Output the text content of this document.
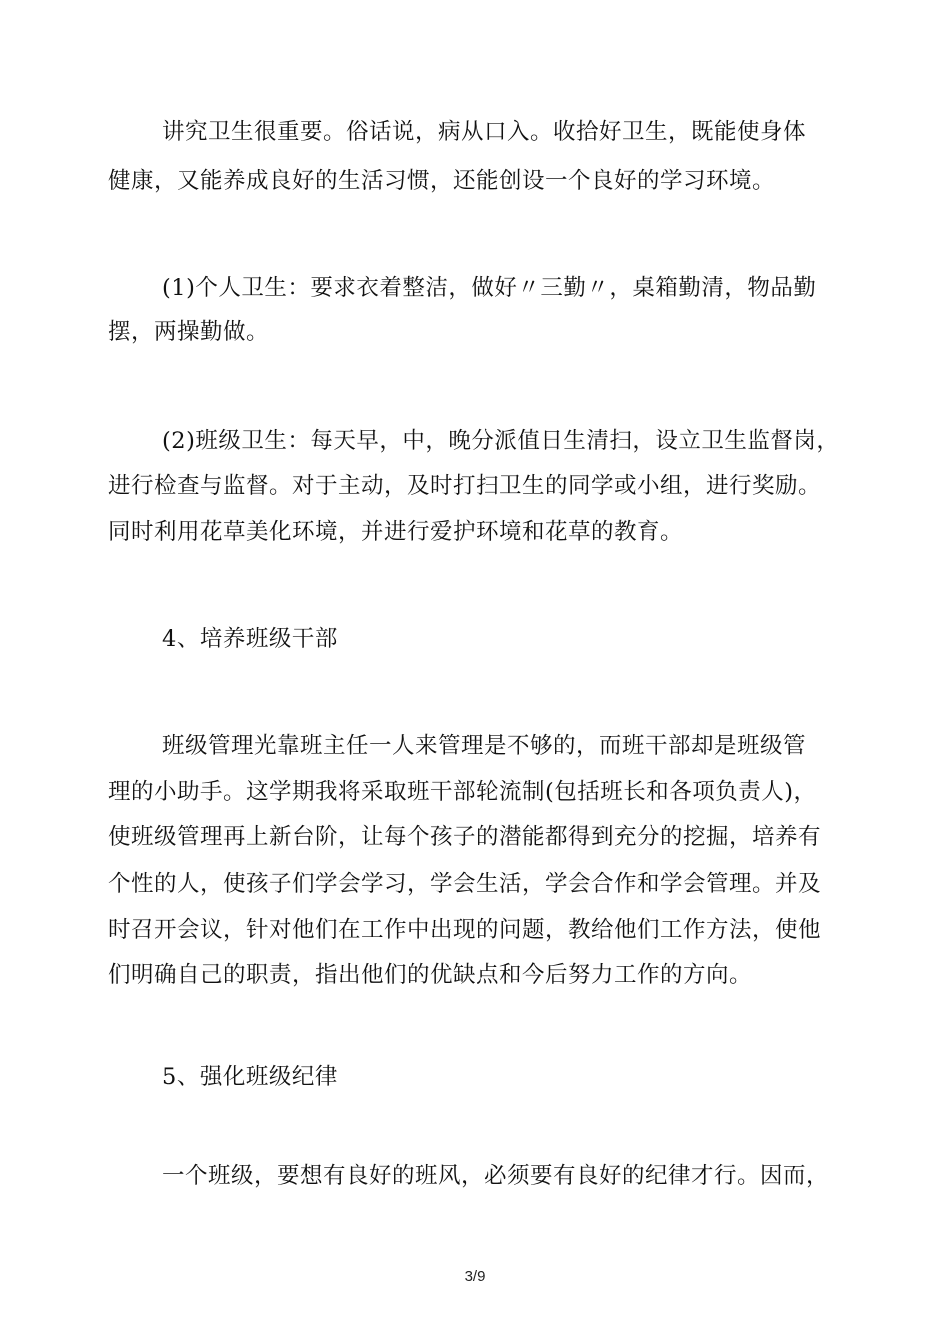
讲究卫生很重要。俗话说，病从口入。收拾好卫生，既能使身体

健康，又能养成良好的生活习惯，还能创设一个良好的学习环境。

(1)个人卫生：要求衣着整洁，做好〃三勤〃，桌箱勤清，物品勤

摆，两操勤做。

(2)班级卫生：每天早，中，晚分派值日生清扫，设立卫生监督岗，

进行检查与监督。对于主动，及时打扫卫生的同学或小组，进行奖励。

同时利用花草美化环境，并进行爱护环境和花草的教育。

4、培养班级干部

班级管理光靠班主任一人来管理是不够的，而班干部却是班级管

理的小助手。这学期我将采取班干部轮流制(包括班长和各项负责人)，

使班级管理再上新台阶，让每个孩子的潜能都得到充分的挖掘，培养有

个性的人，使孩子们学会学习，学会生活，学会合作和学会管理。并及

时召开会议，针对他们在工作中出现的问题，教给他们工作方法，使他

们明确自己的职责，指出他们的优缺点和今后努力工作的方向。

5、强化班级纪律

一个班级，要想有良好的班风，必须要有良好的纪律才行。因而，

3/9
